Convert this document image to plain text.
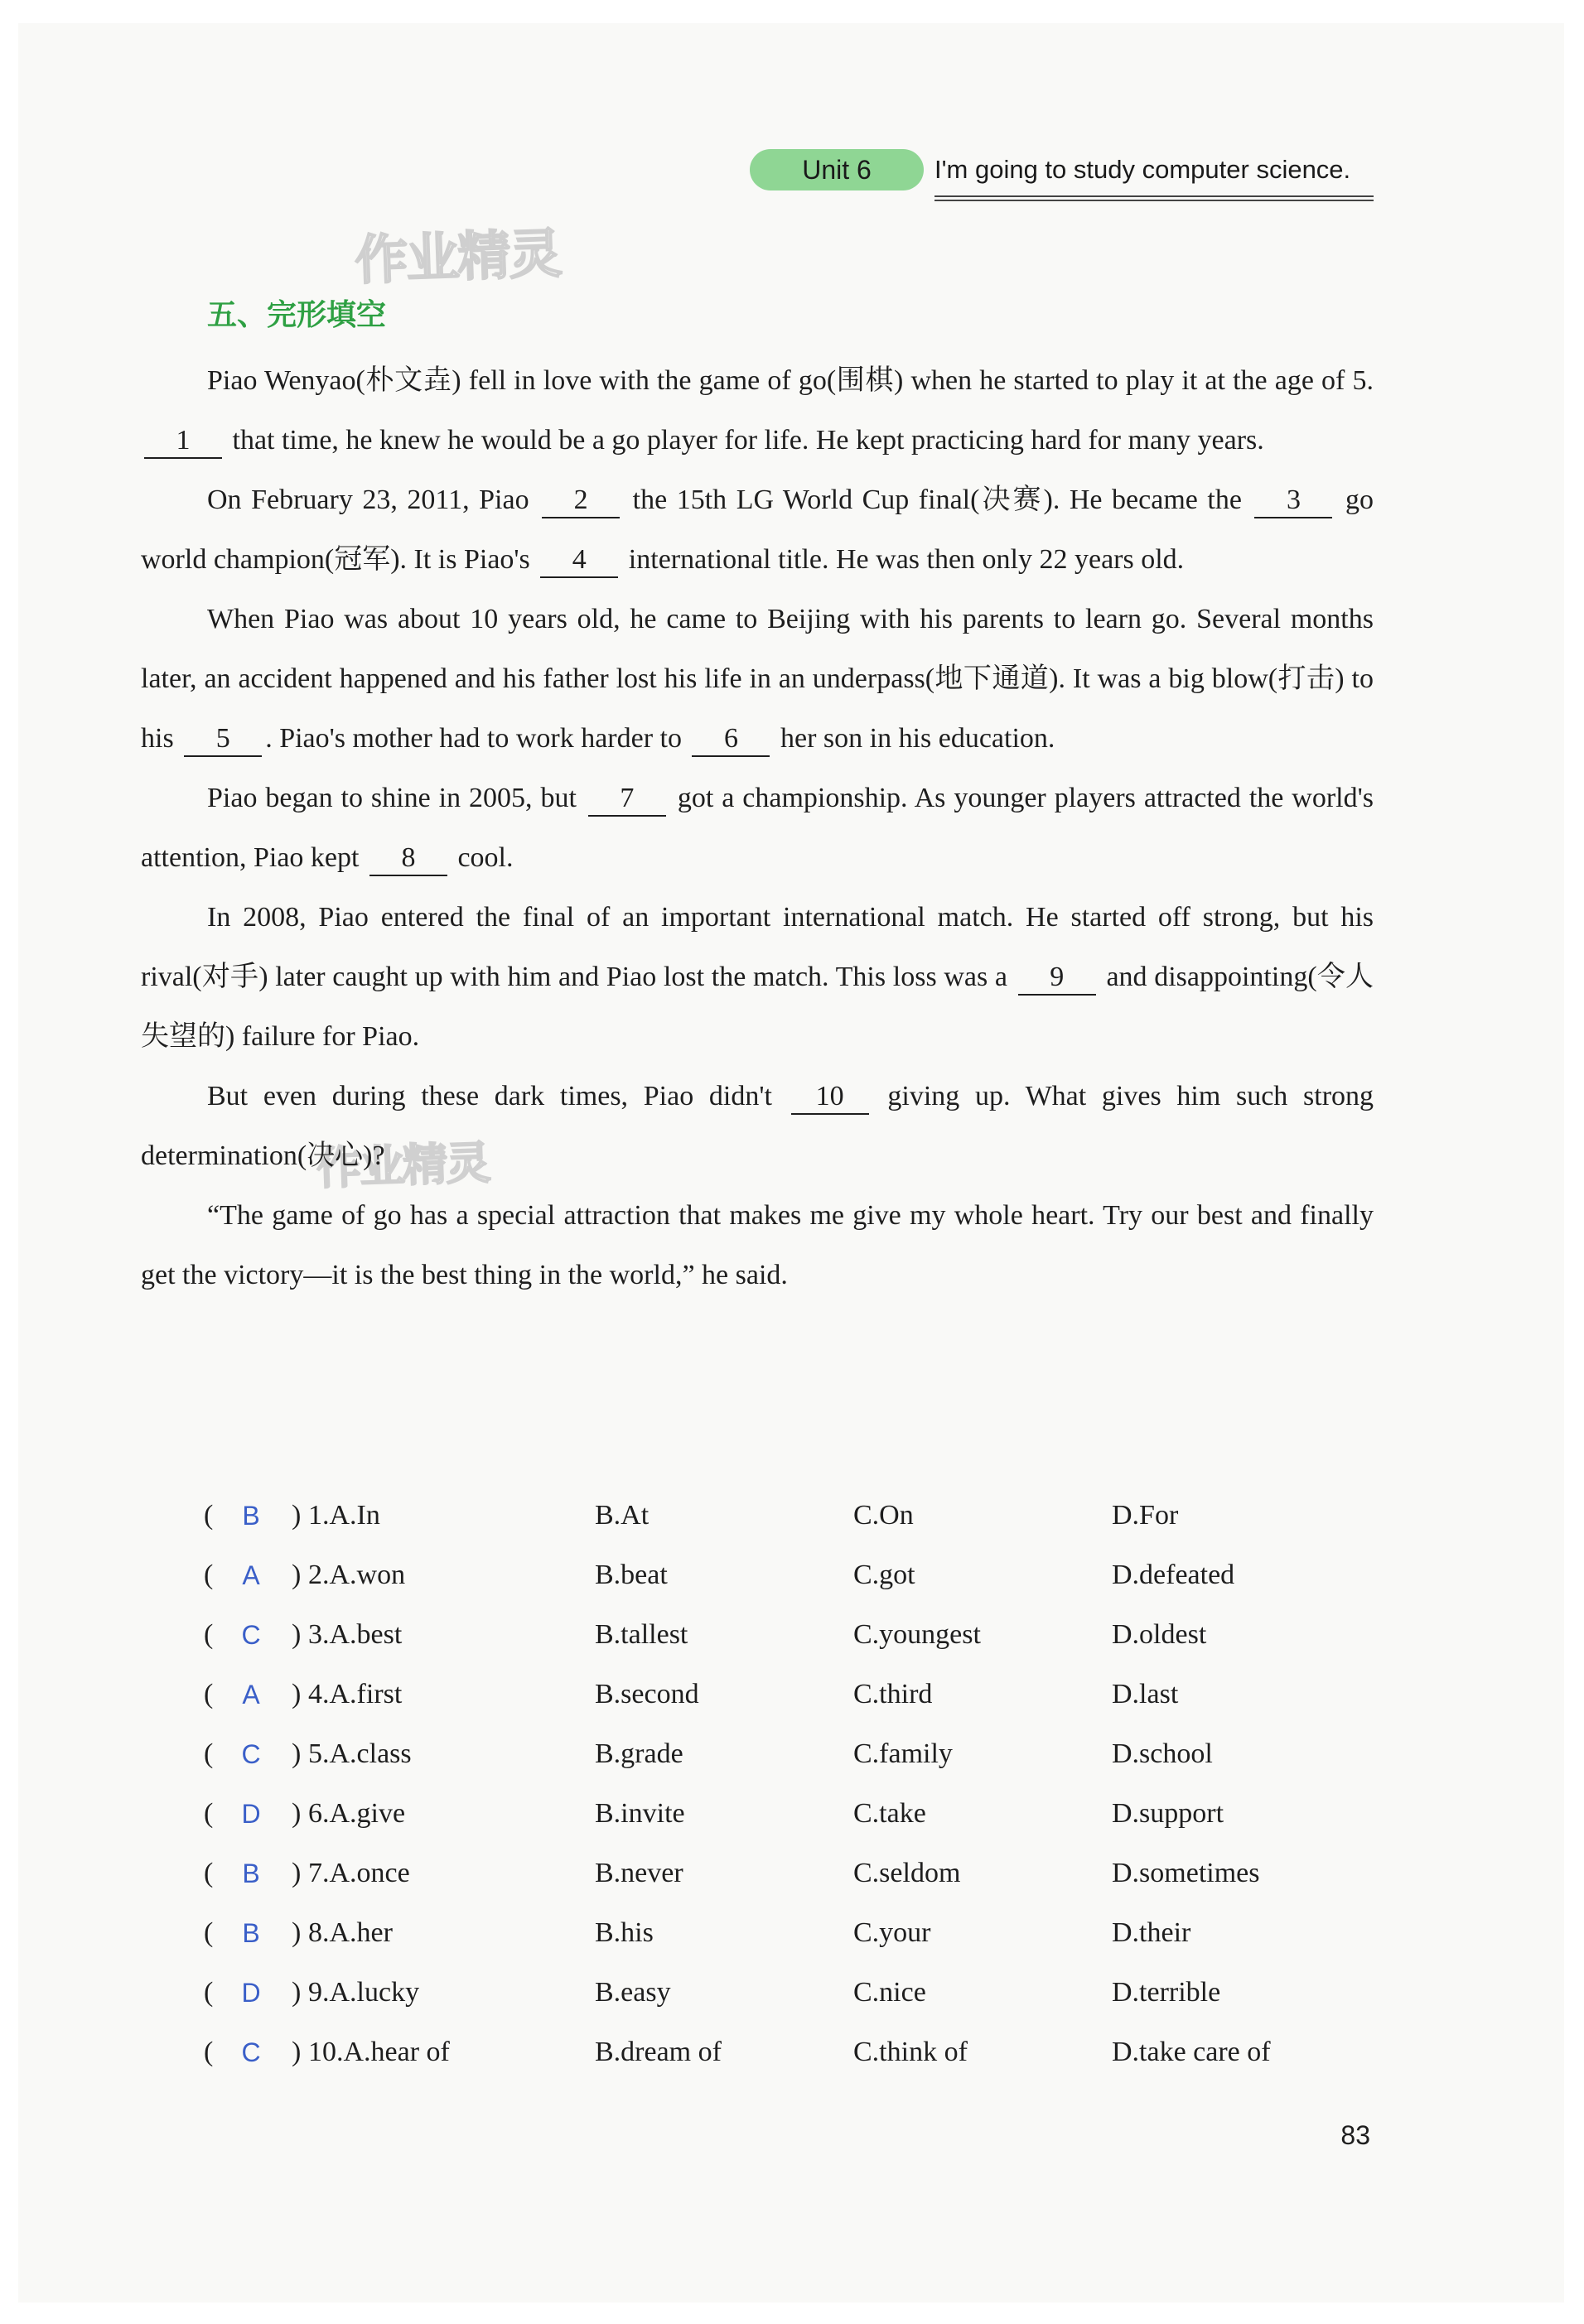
Unit 6 I'm going to study computer science.
作业精灵
作业精灵
五、完形填空

Piao Wenyao(朴文垚) fell in love with the game of go(围棋) when he started to play it at the age of 5. 1 that time, he knew he would be a go player for life. He kept practicing hard for many years.

On February 23, 2011, Piao 2 the 15th LG World Cup final(决赛). He became the 3 go world champion(冠军). It is Piao's 4 international title. He was then only 22 years old.

When Piao was about 10 years old, he came to Beijing with his parents to learn go. Several months later, an accident happened and his father lost his life in an underpass(地下通道). It was a big blow(打击) to his 5 . Piao's mother had to work harder to 6 her son in his education.

Piao began to shine in 2005, but 7 got a championship. As younger players attracted the world's attention, Piao kept 8 cool.

In 2008, Piao entered the final of an important international match. He started off strong, but his rival(对手) later caught up with him and Piao lost the match. This loss was a 9 and disappointing(令人失望的) failure for Piao.

But even during these dark times, Piao didn't 10 giving up. What gives him such strong determination(决心)?

“The game of go has a special attraction that makes me give my whole heart. Try our best and finally get the victory—it is the best thing in the world,” he said.

( B ) 1.A.In	B.At	C.On	D.For
( A ) 2.A.won	B.beat	C.got	D.defeated
( C ) 3.A.best	B.tallest	C.youngest	D.oldest
( A ) 4.A.first	B.second	C.third	D.last
( C ) 5.A.class	B.grade	C.family	D.school
( D ) 6.A.give	B.invite	C.take	D.support
( B ) 7.A.once	B.never	C.seldom	D.sometimes
( B ) 8.A.her	B.his	C.your	D.their
( D ) 9.A.lucky	B.easy	C.nice	D.terrible
( C ) 10.A.hear of	B.dream of	C.think of	D.take care of
83
